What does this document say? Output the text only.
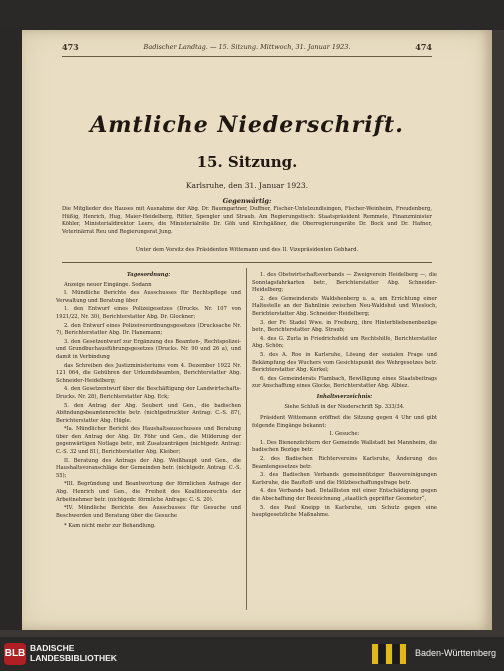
473	Badischer Landtag. — 15. Sitzung. Mittwoch, 31. Januar 1923.	474
Amtliche Niederschrift.
15. Sitzung.
Karlsruhe, den 31. Januar 1923.
Gegenwärtig:
Die Mitglieder des Hauses mit Ausnahme der Abg. Dr. Baumgartner, Duffner, Fischer-Untelzundisingen, Fischer-Weinheim, Freudenberg, Hüßig, Henrich, Hug, Maier-Heidelberg, Ritter, Spengler und Straub. Am Regierungstisch: Staatspräsident Remmele, Finanzminister Köhler, Ministerialdirektor Leers, die Ministerialräte Dr. Göh und Kirchgäßner, die Oberregierungsräte Dr. Bock und Dr. Hafner, Veterinärrat Reu und Regierungsrat Jung.
Unter dem Vorsitz des Präsidenten Wittemann und des II. Vizepräsidenten Gebhard.

Tagesordnung:

Anzeige neuer Eingänge. Sodann

I. Mündliche Berichte des Ausschusses für Rechtspflege und Verwaltung und Beratung über

1. den Entwurf eines Polizeigesetzes (Drucks. Nr. 107 von 1921/22, Nr. 30), Berichterstatter Abg. Dr. Glockner;

2. den Entwurf eines Polizeiverordnungsgesetzes (Drucksache Nr. 7), Berichterstatter Abg. Dr. Hanemann;

3. den Gesetzentwurf zur Ergänzung des Beamten-, Rechtspolizei- und Grundbuchausführungsgesetzes (Drucks. Nr. 90 und 26 a), und damit in Verbindung

das Schreiben des Justizministeriums vom 4. Dezember 1922 Nr. 121 064, die Gebühren der Urkundsbeamten, Berichterstatter Abg. Schneider-Heidelberg;

4. den Gesetzentwurf über die Beschäftigung der Landwirtschafts-Drucks. Nr. 28), Berichterstatter Abg. Eck;

5. den Antrag der Abg. Seubert und Gen., die badischen Abfindungsbeamtenrechte betr. (nichtgedruckter Antrag: C.-S. 87), Berichterstatter Abg. Hügle.

*Ia. Mündlicher Bericht des Haushaltsausschusses und Beratung über den Antrag der Abg. Dr. Föhr und Gen., die Milderung der gegenwärtigen Notlage betr., mit Zusatzanträgen (nichtgedr. Antrag: C.-S. 32 und 81), Berichterstatter Abg. Kleiber;

II. Beratung des Antrags der Abg. Weißhaupt und Gen., die Haushaltsvoranschläge der Gemeinden betr. (nichtgedr. Antrag: C.-S. 55);

*III. Begründung und Beantwortung der förmlichen Anfrage der Abg. Henrich und Gen., die Freiheit des Koalitionsrechts der Arbeitnehmer betr. (nichtgedr. förmliche Anfrage: C.-S. 20).

*IV. Mündliche Berichte des Ausschusses für Gesuche und Beschwerden und Beratung über die Gesuche

* Kam nicht mehr zur Behandlung.

1. des Obstwirtschaftsverbands — Zweigverein Heidelberg —, die Sonntagsfahrkarten betr., Berichterstatter Abg. Schneider-Heidelberg;

2. des Gemeinderats Waldshenberg u. a. um Errichtung einer Haltestelle an der Bahnlinie zwischen Neu-Waldshut und Wiesloch, Berichterstatter Abg. Schneider-Heidelberg;

3. der Fr. Stadel Wwe. in Freiburg, ihre Hinterbliebenenbezüge betr., Berichterstatter Abg. Straub;

4. des G. Zurla in Friedrichsfeld um Rechtshilfe, Berichterstatter Abg. Schön;

5. des A. Roe in Karlsruhe, Lösung der sozialen Frage und Bekämpfung des Wuchers vom Gesichtspunkt des Wehrgesetzes betr. Berichterstatter Abg. Kerkel;

6. des Gemeinderats Flambach, Bewilligung eines Staatsbeitrags zur Anschaffung eines Glocke, Berichterstatter Abg. Albiez.

Inhaltsverzeichnis:

Siehe Schluß in der Niederschrift Sp. 333/34.

Präsident Wittemann eröffnet die Sitzung gegen 4 Uhr und gibt folgende Eingänge bekannt:

I. Gesuche:

1. Des Bienenzüchtern der Gemeinde Wallstadt bei Mannheim, die badischen Bezüge betr.

2. des Badischen Richtervereins Karlsruhe, Änderung des Beamtengesetzes betr.

3. des Badischen Verbands gemeinnütziger Bauvereinigungen Karlsruhe, die Bauftoff- und die Hölzbeschaffungsfrage betr.

4. des Verbands bad. Detaillisten mit einer Entschädigung gegen die Abschaffung der Bezeichnung „staatlich geprüfter Geometer“,

5. des Paul Kneipp in Karlsruhe, um Schutz gegen eine hauptgesetzliche Maßnahme.

BLB BADISCHE
LANDESBIBLIOTHEK	Baden-Württemberg
